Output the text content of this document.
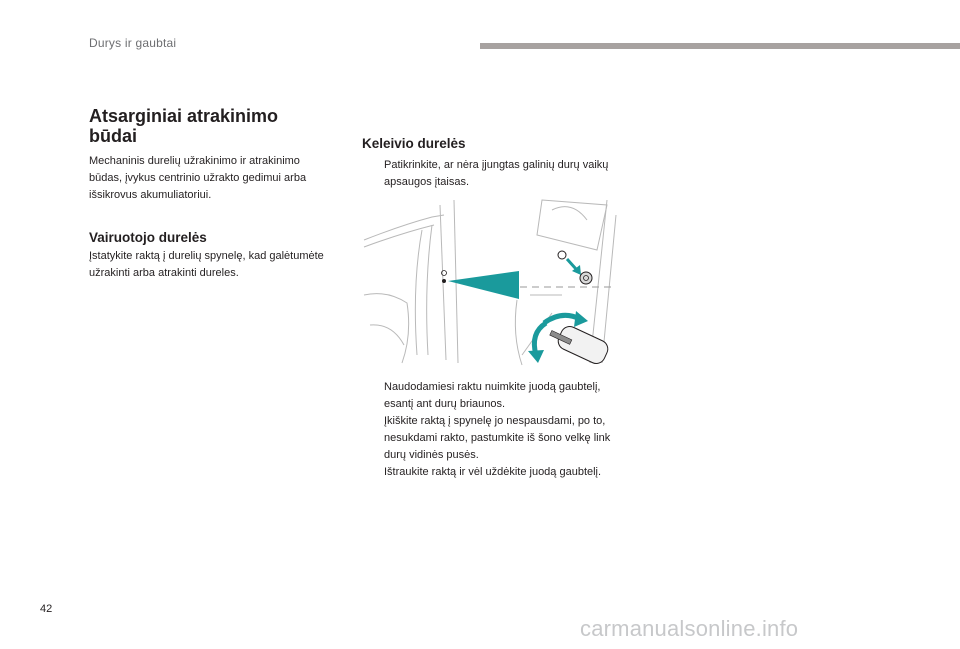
Durys ir gaubtai
Atsarginiai atrakinimo būdai

Mechaninis durelių užrakinimo ir atrakinimo būdas, įvykus centrinio užrakto gedimui arba išsikrovus akumuliatoriui.

Vairuotojo durelės

Įstatykite raktą į durelių spynelę, kad galėtumėte užrakinti arba atrakinti dureles.

Keleivio durelės
Patikrinkite, ar nėra įjungtas galinių durų vaikų apsaugos įtaisas.
Naudodamiesi raktu nuimkite juodą gaubtelį, esantį ant durų briaunos.
Įkiškite raktą į spynelę jo nespausdami, po to, nesukdami rakto, pastumkite iš šono velkę link durų vidinės pusės.
Ištraukite raktą ir vėl uždėkite juodą gaubtelį.
42
carmanualsonline.info
